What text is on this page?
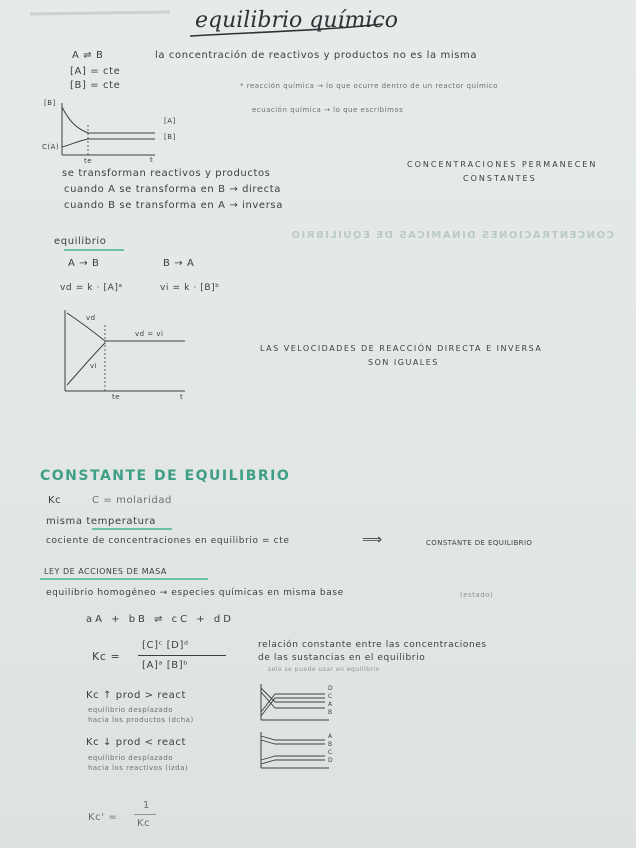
equilibrio químico
A ⇌ B	la concentración de reactivos y productos no es la misma
[A] = cte
[B] = cte	* reacción química → lo que ocurre dentro de un reactor químico
ecuación química → lo que escribimos
[B]
C(A)
[A]
[B]
te	t
se transforman reactivos y productos
cuando A se transforma en B → directa
cuando B se transforma en A → inversa
CONCENTRACIONES PERMANECEN
CONSTANTES
CONCENTRACIONES DINAMICAS DE EQUILIBRIO
equilibrio
A → B	B → A
vd = k · [A]ᵃ	vi = k · [B]ᵇ
vd
vi
vd = vi
te	t
LAS VELOCIDADES DE REACCIÓN DIRECTA E INVERSA
SON IGUALES
CONSTANTE DE EQUILIBRIO
Kc	C = molaridad
misma temperatura
cociente de concentraciones en equilibrio = cte	⟹	CONSTANTE DE EQUILIBRIO
LEY DE ACCIONES DE MASA
equilibrio homogéneo → especies químicas en misma base	(estado)
aA + bB ⇌ cC + dD
Kc =
[C]ᶜ [D]ᵈ
[A]ᵃ [B]ᵇ
relación constante entre las concentraciones
de las sustancias en el equilibrio
solo se puede usar en equilibrio
Kc ↑ prod > react
equilibrio desplazado
hacia los productos (dcha)
D
C
A
B
Kc ↓ prod < react
equilibrio desplazado
hacia los reactivos (izda)
A
B
C
D
Kc' =
1
Kc
